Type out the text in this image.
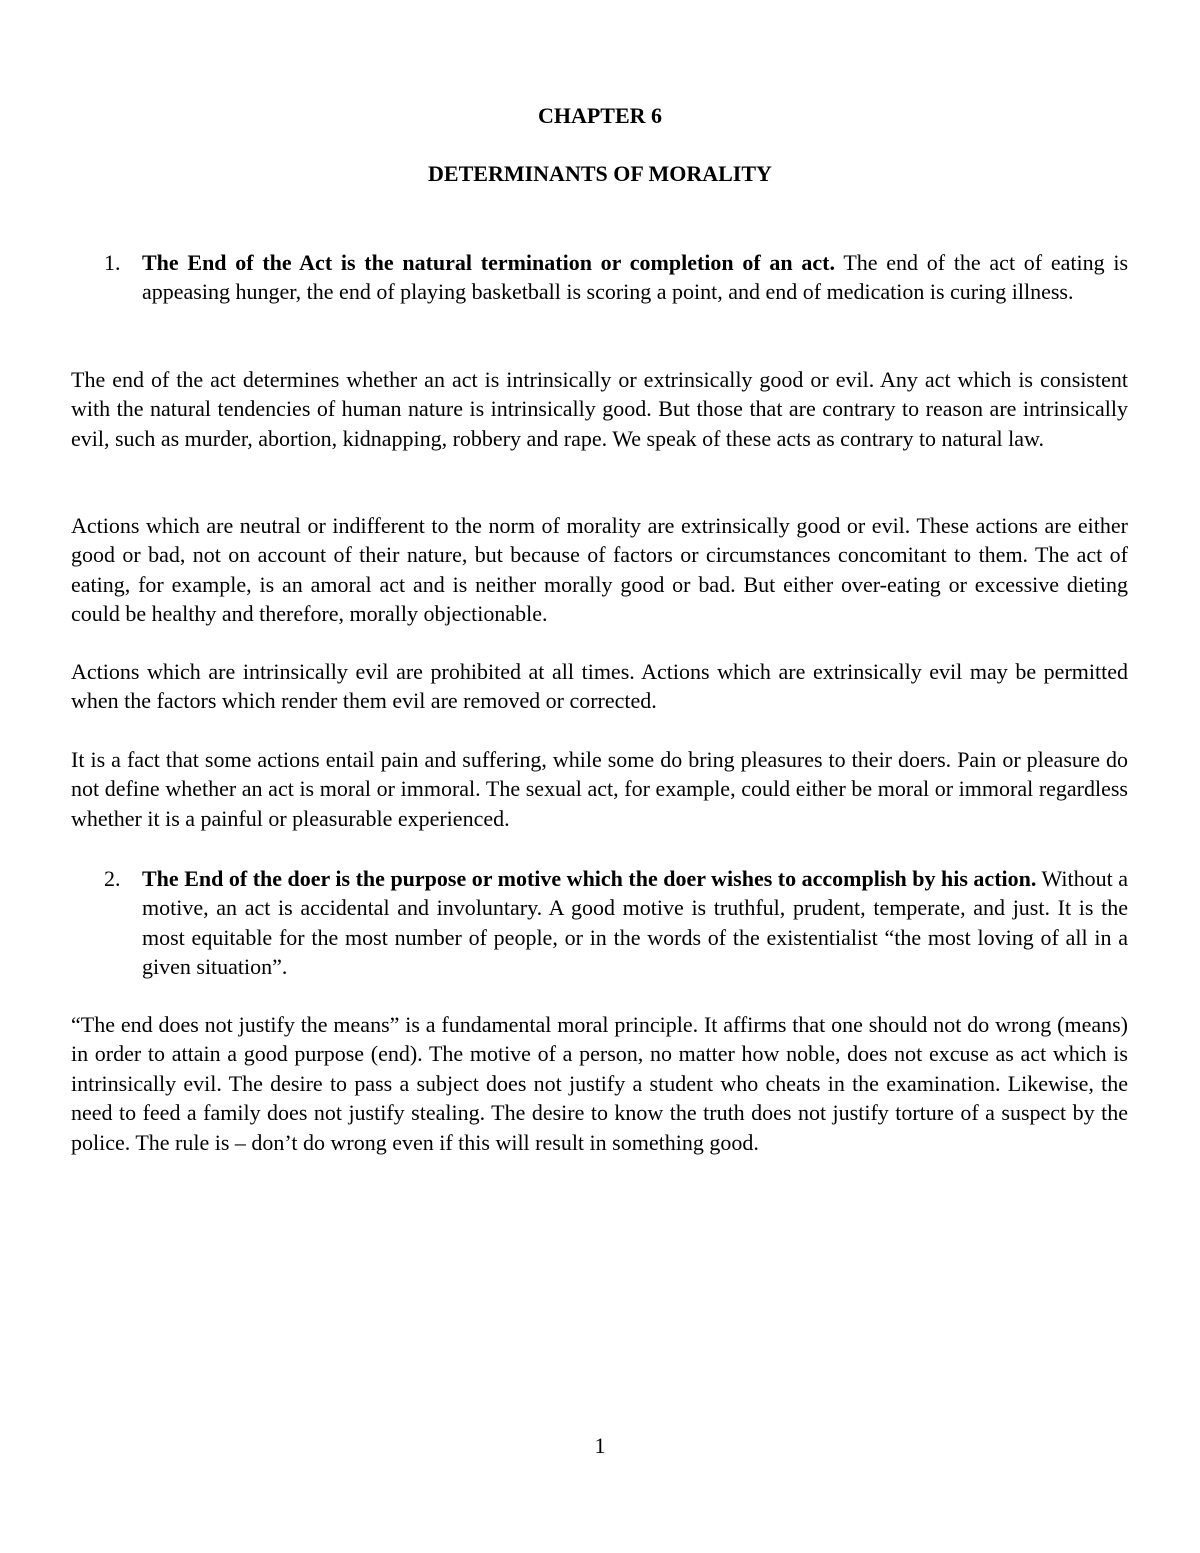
CHAPTER 6
DETERMINANTS OF MORALITY
1. The End of the Act is the natural termination or completion of an act. The end of the act of eating is appeasing hunger, the end of playing basketball is scoring a point, and end of medication is curing illness.

The end of the act determines whether an act is intrinsically or extrinsically good or evil. Any act which is consistent with the natural tendencies of human nature is intrinsically good. But those that are contrary to reason are intrinsically evil, such as murder, abortion, kidnapping, robbery and rape. We speak of these acts as contrary to natural law.

Actions which are neutral or indifferent to the norm of morality are extrinsically good or evil. These actions are either good or bad, not on account of their nature, but because of factors or circumstances concomitant to them. The act of eating, for example, is an amoral act and is neither morally good or bad. But either over-eating or excessive dieting could be healthy and therefore, morally objectionable.

Actions which are intrinsically evil are prohibited at all times. Actions which are extrinsically evil may be permitted when the factors which render them evil are removed or corrected.

It is a fact that some actions entail pain and suffering, while some do bring pleasures to their doers. Pain or pleasure do not define whether an act is moral or immoral. The sexual act, for example, could either be moral or immoral regardless whether it is a painful or pleasurable experienced.

2. The End of the doer is the purpose or motive which the doer wishes to accomplish by his action. Without a motive, an act is accidental and involuntary. A good motive is truthful, prudent, temperate, and just. It is the most equitable for the most number of people, or in the words of the existentialist “the most loving of all in a given situation”.

“The end does not justify the means” is a fundamental moral principle. It affirms that one should not do wrong (means) in order to attain a good purpose (end). The motive of a person, no matter how noble, does not excuse as act which is intrinsically evil. The desire to pass a subject does not justify a student who cheats in the examination. Likewise, the need to feed a family does not justify stealing. The desire to know the truth does not justify torture of a suspect by the police. The rule is – don’t do wrong even if this will result in something good.

1
